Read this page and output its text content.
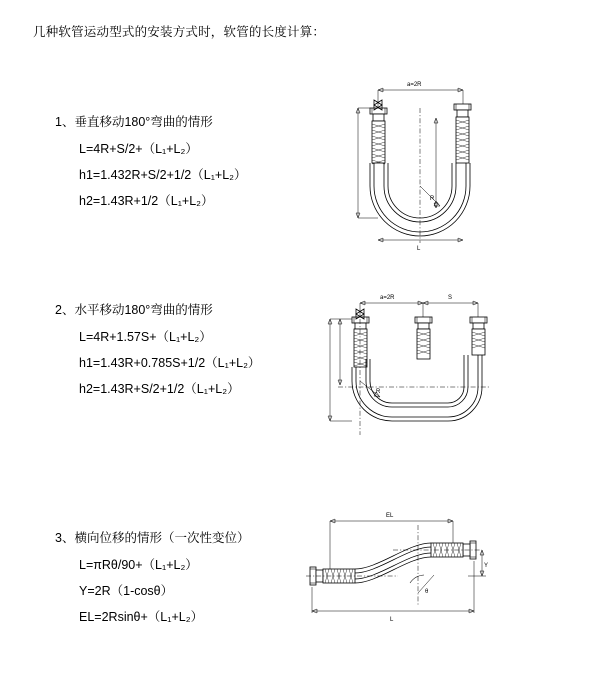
几种软管运动型式的安装方式时，软管的长度计算：
1、垂直移动180°弯曲的情形
L=4R+S/2+（L₁+L₂）
h1=1.432R+S/2+1/2（L₁+L₂）
h2=1.43R+1/2（L₁+L₂）
a=2R
R
L
2、水平移动180°弯曲的情形
L=4R+1.57S+（L₁+L₂）
h1=1.43R+0.785S+1/2（L₁+L₂）
h2=1.43R+S/2+1/2（L₁+L₂）
a=2R	S
R
3、横向位移的情形（一次性变位）
L=πRθ/90+（L₁+L₂）
Y=2R（1-cosθ）
EL=2Rsinθ+（L₁+L₂）
EL
θ
Y
L
